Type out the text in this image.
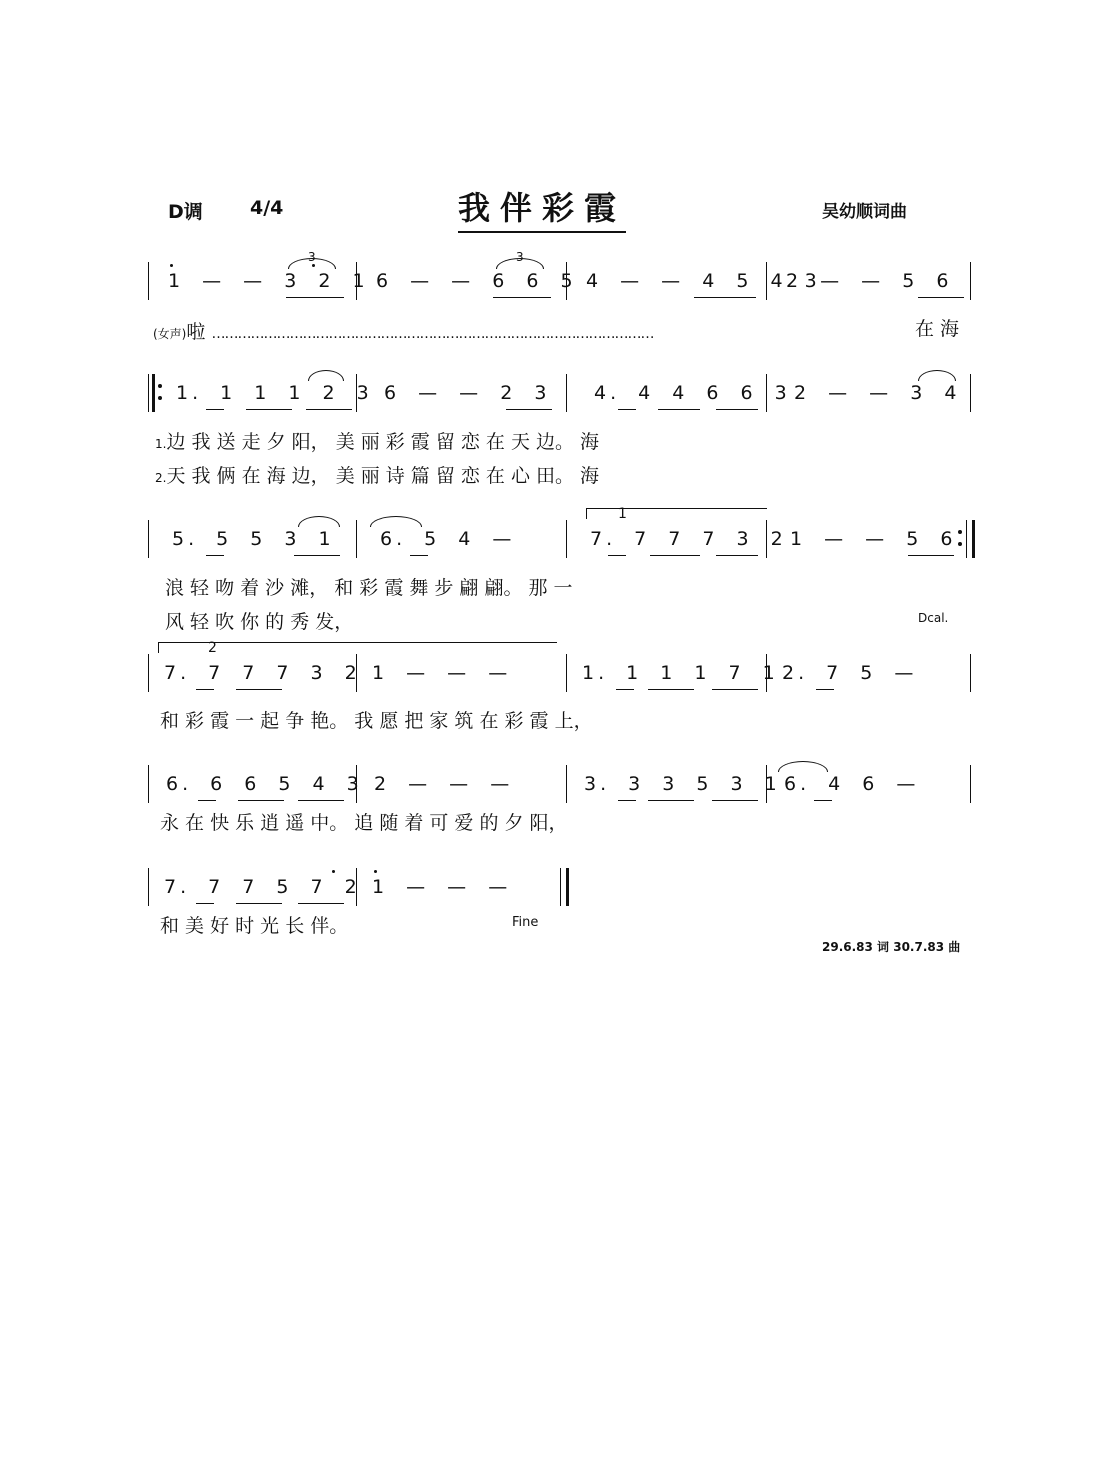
D调 4/4	我伴彩霞	吴幼顺词曲
3	3
1 — — 3 2 1 6 — — 6 6 5 4 — — 4 5 4 3
2 — — 5 6
(女声)啦 …………………………………………………………………………………………	在 海
1. 1 1 1 2 3 6 — — 2 3 4. 4 4 6 6 3 2 — — 3 4
1.边 我 送 走 夕 阳， 美 丽 彩 霞 留 恋 在 天 边。 海
2.天 我 俩 在 海 边， 美 丽 诗 篇 留 恋 在 心 田。 海
1
5. 5 5 3 1 6. 5 4 —	7. 7 7 7 3 2 1 — — 5 6
浪 轻 吻 着 沙 滩， 和 彩 霞 舞 步 翩 翩。 那 一
风 轻 吹 你 的 秀 发，	Dcal.
2
7. 7 7 7 3 2 1 — — —	1. 1 1 1 7 1 2. 7 5 —
和 彩 霞 一 起 争 艳。 我 愿 把 家 筑 在 彩 霞 上，
6. 6 6 5 4 3 2 — — —	3. 3 3 5 3 1 6. 4 6 —
永 在 快 乐 逍 遥 中。 追 随 着 可 爱 的 夕 阳，
7. 7 7 5 7 2 1 — — —
和 美 好 时 光 长 伴。	Fine
29.6.83 词 30.7.83 曲
